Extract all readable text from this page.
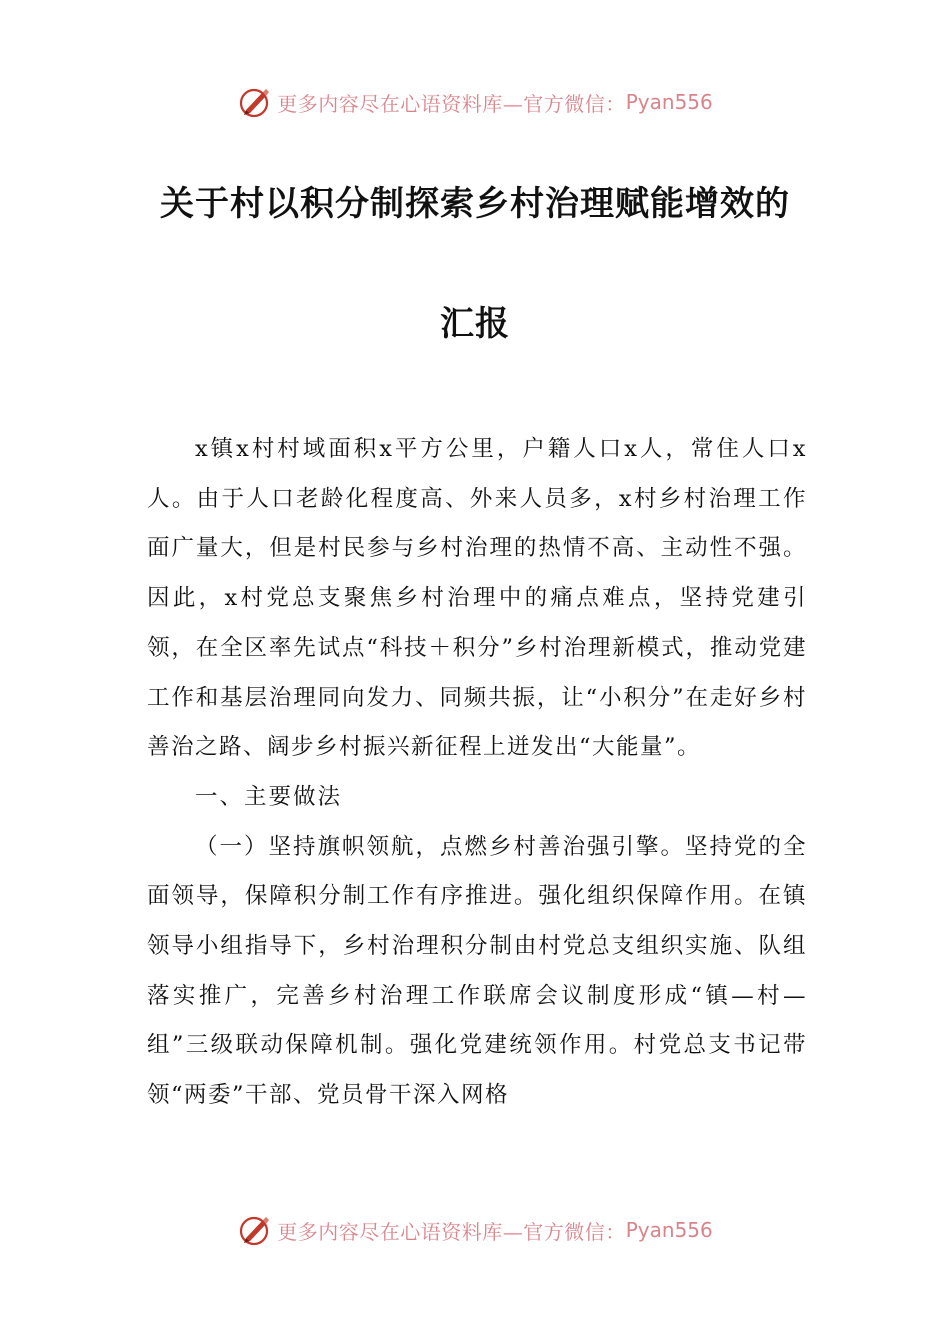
更多内容尽在心语资料库—官方微信： Pyan556
关于村以积分制探索乡村治理赋能增效的
汇报

x镇x村村域面积x平方公里，户籍人口x人，常住人口x人。由于人口老龄化程度高、外来人员多，x村乡村治理工作面广量大，但是村民参与乡村治理的热情不高、主动性不强。因此，x村党总支聚焦乡村治理中的痛点难点，坚持党建引领，在全区率先试点“科技＋积分”乡村治理新模式，推动党建工作和基层治理同向发力、同频共振，让“小积分”在走好乡村善治之路、阔步乡村振兴新征程上迸发出“大能量”。

一、主要做法

（一）坚持旗帜领航，点燃乡村善治强引擎。坚持党的全面领导，保障积分制工作有序推进。强化组织保障作用。在镇领导小组指导下，乡村治理积分制由村党总支组织实施、队组落实推广，完善乡村治理工作联席会议制度形成“镇—村—组”三级联动保障机制。强化党建统领作用。村党总支书记带领“两委”干部、党员骨干深入网格

更多内容尽在心语资料库—官方微信： Pyan556
